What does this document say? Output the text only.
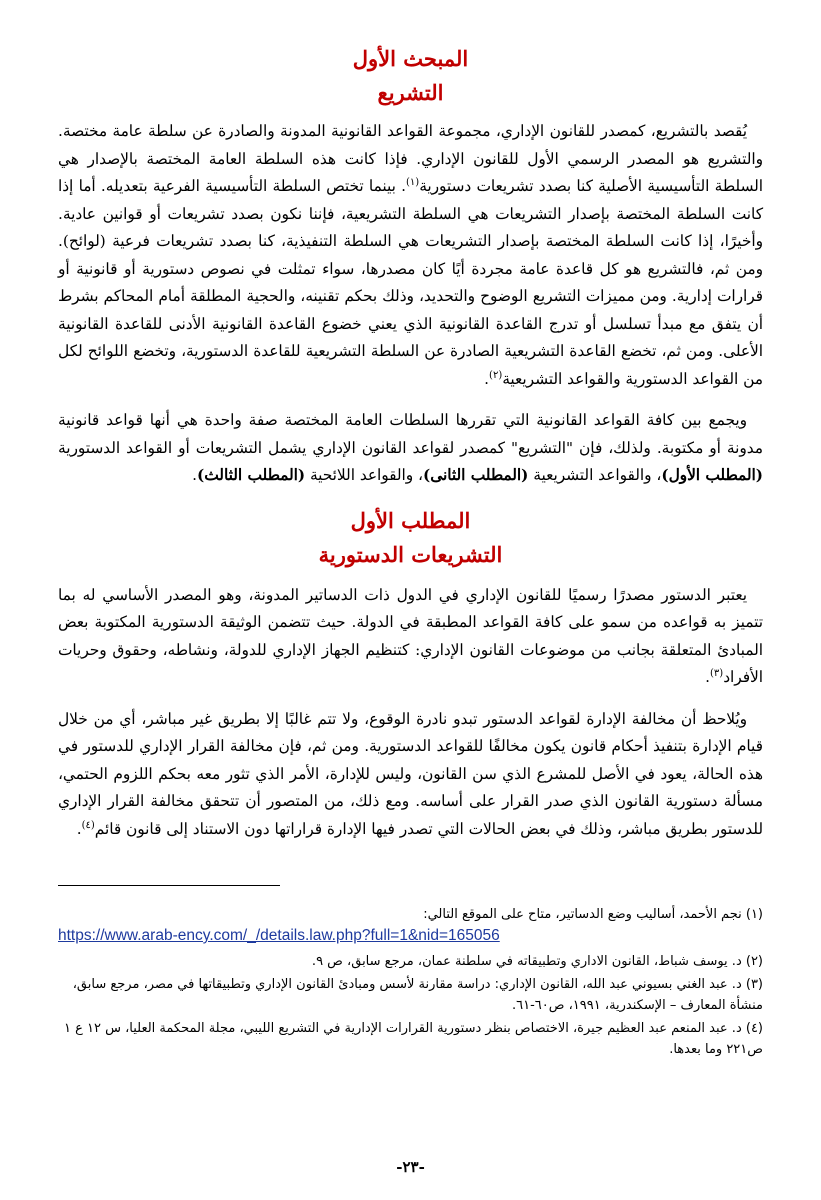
المبحث الأول
التشريع

يُقصد بالتشريع، كمصدر للقانون الإداري، مجموعة القواعد القانونية المدونة والصادرة عن سلطة عامة مختصة. والتشريع هو المصدر الرسمي الأول للقانون الإداري. فإذا كانت هذه السلطة العامة المختصة بالإصدار هي السلطة التأسيسية الأصلية كنا بصدد تشريعات دستورية$^{(١)}$. بينما تختص السلطة التأسيسية الفرعية بتعديله. أما إذا كانت السلطة المختصة بإصدار التشريعات هي السلطة التشريعية، فإننا نكون بصدد تشريعات أو قوانين عادية. وأخيرًا، إذا كانت السلطة المختصة بإصدار التشريعات هي السلطة التنفيذية، كنا بصدد تشريعات فرعية (لوائح). ومن ثم، فالتشريع هو كل قاعدة عامة مجردة أيًا كان مصدرها، سواء تمثلت في نصوص دستورية أو قانونية أو قرارات إدارية. ومن مميزات التشريع الوضوح والتحديد، وذلك بحكم تقنينه، والحجية المطلقة أمام المحاكم بشرط أن يتفق مع مبدأ تسلسل أو تدرج القاعدة القانونية الذي يعني خضوع القاعدة القانونية الأدنى للقاعدة القانونية الأعلى. ومن ثم، تخضع القاعدة التشريعية الصادرة عن السلطة التشريعية للقاعدة الدستورية، وتخضع اللوائح لكل من القواعد الدستورية والقواعد التشريعية$^{(٢)}$.

ويجمع بين كافة القواعد القانونية التي تقررها السلطات العامة المختصة صفة واحدة هي أنها قواعد قانونية مدونة أو مكتوبة. ولذلك، فإن "التشريع" كمصدر لقواعد القانون الإداري يشمل التشريعات أو القواعد الدستورية (المطلب الأول)، والقواعد التشريعية (المطلب الثانى)، والقواعد اللائحية (المطلب الثالث).

المطلب الأول
التشريعات الدستورية

يعتبر الدستور مصدرًا رسميًا للقانون الإداري في الدول ذات الدساتير المدونة، وهو المصدر الأساسي له بما تتميز به قواعده من سمو على كافة القواعد المطبقة في الدولة. حيث تتضمن الوثيقة الدستورية المكتوبة بعض المبادئ المتعلقة بجانب من موضوعات القانون الإداري: كتنظيم الجهاز الإداري للدولة، ونشاطه، وحقوق وحريات الأفراد$^{(٣)}$.

ويُلاحظ أن مخالفة الإدارة لقواعد الدستور تبدو نادرة الوقوع، ولا تتم غالبًا إلا بطريق غير مباشر، أي من خلال قيام الإدارة بتنفيذ أحكام قانون يكون مخالفًا للقواعد الدستورية. ومن ثم، فإن مخالفة القرار الإداري للدستور في هذه الحالة، يعود في الأصل للمشرع الذي سن القانون، وليس للإدارة، الأمر الذي تثور معه بحكم اللزوم الحتمي، مسألة دستورية القانون الذي صدر القرار على أساسه. ومع ذلك، من المتصور أن تتحقق مخالفة القرار الإداري للدستور بطريق مباشر، وذلك في بعض الحالات التي تصدر فيها الإدارة قراراتها دون الاستناد إلى قانون قائم$^{(٤)}$.

(١) نجم الأحمد، أساليب وضع الدساتير، متاح على الموقع التالي:

https://www.arab-ency.com/_/details.law.php?full=1&nid=165056

(٢) د. يوسف شباط، القانون الاداري وتطبيقاته في سلطنة عمان، مرجع سابق، ص ٩.

(٣) د. عبد الغني بسيوني عبد الله، القانون الإداري: دراسة مقارنة لأسس ومبادئ القانون الإداري وتطبيقاتها في مصر، مرجع سابق، منشأة المعارف – الإسكندرية، ١٩٩١، ص٦٠-٦١.

(٤) د. عبد المنعم عبد العظيم جيرة، الاختصاص بنظر دستورية القرارات الإدارية في التشريع الليبي، مجلة المحكمة العليا، س ١٢ ع ١ ص٢٢١ وما بعدها.

-٢٣-
